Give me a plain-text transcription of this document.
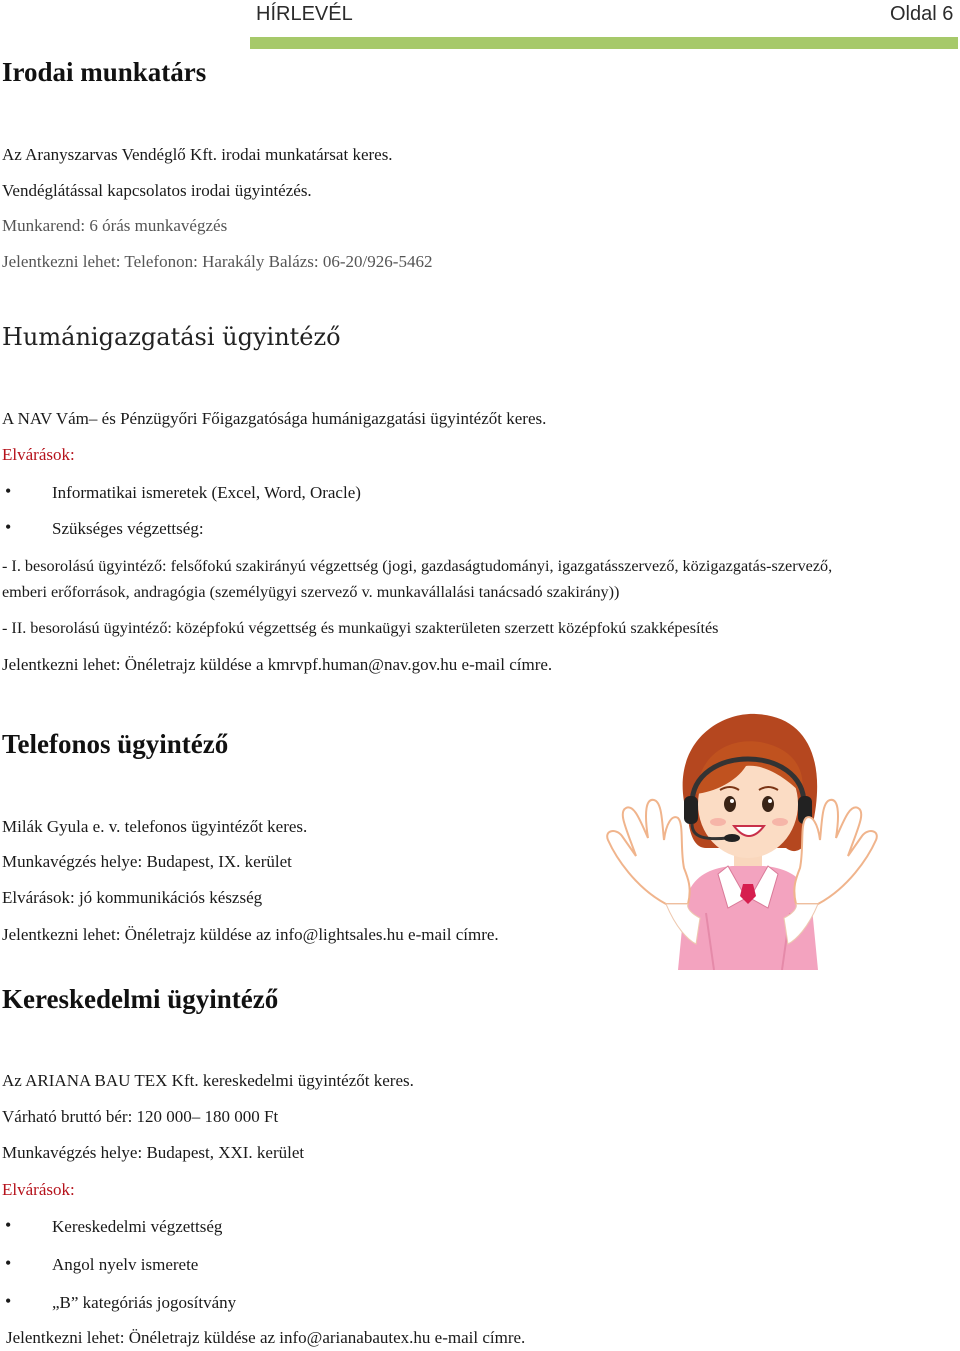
HÍRLEVÉL	Oldal 6
Irodai munkatárs
Az Aranyszarvas Vendéglő Kft. irodai munkatársat keres.
Vendéglátással kapcsolatos irodai ügyintézés.
Munkarend: 6 órás munkavégzés
Jelentkezni lehet: Telefonon: Harakály Balázs: 06-20/926-5462
Humánigazgatási ügyintéző
A NAV Vám– és Pénzügyőri Főigazgatósága humánigazgatási ügyintézőt keres.
Elvárások:
• Informatikai ismeretek (Excel, Word, Oracle)
• Szükséges végzettség:
- I. besorolású ügyintéző: felsőfokú szakirányú végzettség (jogi, gazdaságtudományi, igazgatásszervező, közigazgatás-szervező,
emberi erőforrások, andragógia (személyügyi szervező v. munkavállalási tanácsadó szakirány))
- II. besorolású ügyintéző: középfokú végzettség és munkaügyi szakterületen szerzett középfokú szakképesítés
Jelentkezni lehet: Önéletrajz küldése a kmrvpf.human@nav.gov.hu e-mail címre.
Telefonos ügyintéző
Milák Gyula e. v. telefonos ügyintézőt keres.
Munkavégzés helye: Budapest, IX. kerület
Elvárások: jó kommunikációs készség
Jelentkezni lehet: Önéletrajz küldése az info@lightsales.hu e-mail címre.
Kereskedelmi ügyintéző
Az ARIANA BAU TEX Kft. kereskedelmi ügyintézőt keres.
Várható bruttó bér: 120 000– 180 000 Ft
Munkavégzés helye: Budapest, XXI. kerület
Elvárások:
• Kereskedelmi végzettség
• Angol nyelv ismerete
• „B” kategóriás jogosítvány
Jelentkezni lehet: Önéletrajz küldése az info@arianabautex.hu e-mail címre.
